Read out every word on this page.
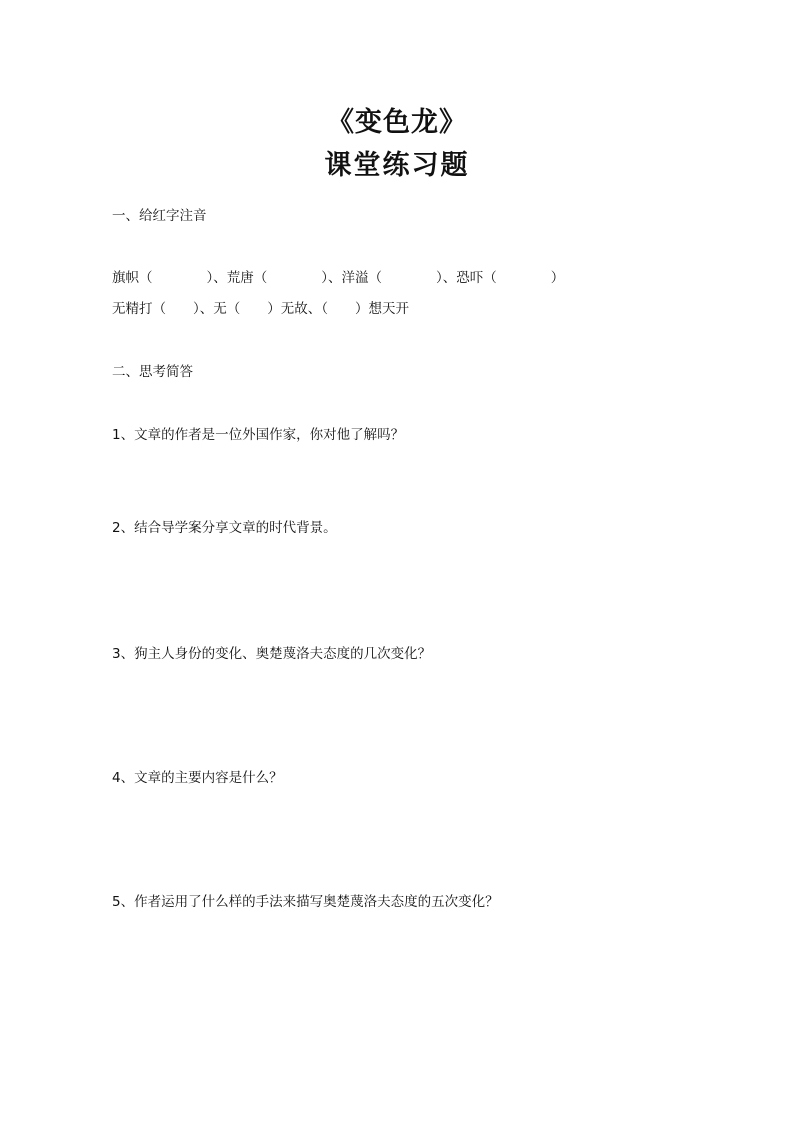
《变色龙》
课堂练习题
一、给红字注音
旗帜（　　　　）、荒唐（　　　　）、洋溢（　　　　）、恐吓（　　　　）
无精打（　　）、无（　　）无故、（　　）想天开
二、思考简答
1、文章的作者是一位外国作家，你对他了解吗？
2、结合导学案分享文章的时代背景。
3、狗主人身份的变化、奥楚蔑洛夫态度的几次变化？
4、文章的主要内容是什么？
5、作者运用了什么样的手法来描写奥楚蔑洛夫态度的五次变化？
